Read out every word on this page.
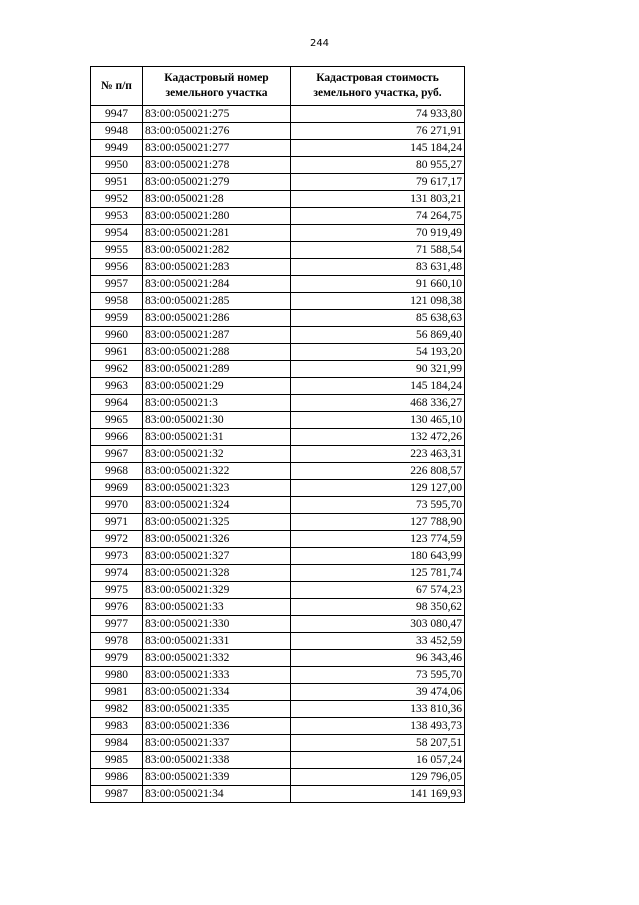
244
№ п/п	Кадастровый номер земельного участка	Кадастровая стоимость земельного участка, руб.
9947	83:00:050021:275	74 933,80
9948	83:00:050021:276	76 271,91
9949	83:00:050021:277	145 184,24
9950	83:00:050021:278	80 955,27
9951	83:00:050021:279	79 617,17
9952	83:00:050021:28	131 803,21
9953	83:00:050021:280	74 264,75
9954	83:00:050021:281	70 919,49
9955	83:00:050021:282	71 588,54
9956	83:00:050021:283	83 631,48
9957	83:00:050021:284	91 660,10
9958	83:00:050021:285	121 098,38
9959	83:00:050021:286	85 638,63
9960	83:00:050021:287	56 869,40
9961	83:00:050021:288	54 193,20
9962	83:00:050021:289	90 321,99
9963	83:00:050021:29	145 184,24
9964	83:00:050021:3	468 336,27
9965	83:00:050021:30	130 465,10
9966	83:00:050021:31	132 472,26
9967	83:00:050021:32	223 463,31
9968	83:00:050021:322	226 808,57
9969	83:00:050021:323	129 127,00
9970	83:00:050021:324	73 595,70
9971	83:00:050021:325	127 788,90
9972	83:00:050021:326	123 774,59
9973	83:00:050021:327	180 643,99
9974	83:00:050021:328	125 781,74
9975	83:00:050021:329	67 574,23
9976	83:00:050021:33	98 350,62
9977	83:00:050021:330	303 080,47
9978	83:00:050021:331	33 452,59
9979	83:00:050021:332	96 343,46
9980	83:00:050021:333	73 595,70
9981	83:00:050021:334	39 474,06
9982	83:00:050021:335	133 810,36
9983	83:00:050021:336	138 493,73
9984	83:00:050021:337	58 207,51
9985	83:00:050021:338	16 057,24
9986	83:00:050021:339	129 796,05
9987	83:00:050021:34	141 169,93
